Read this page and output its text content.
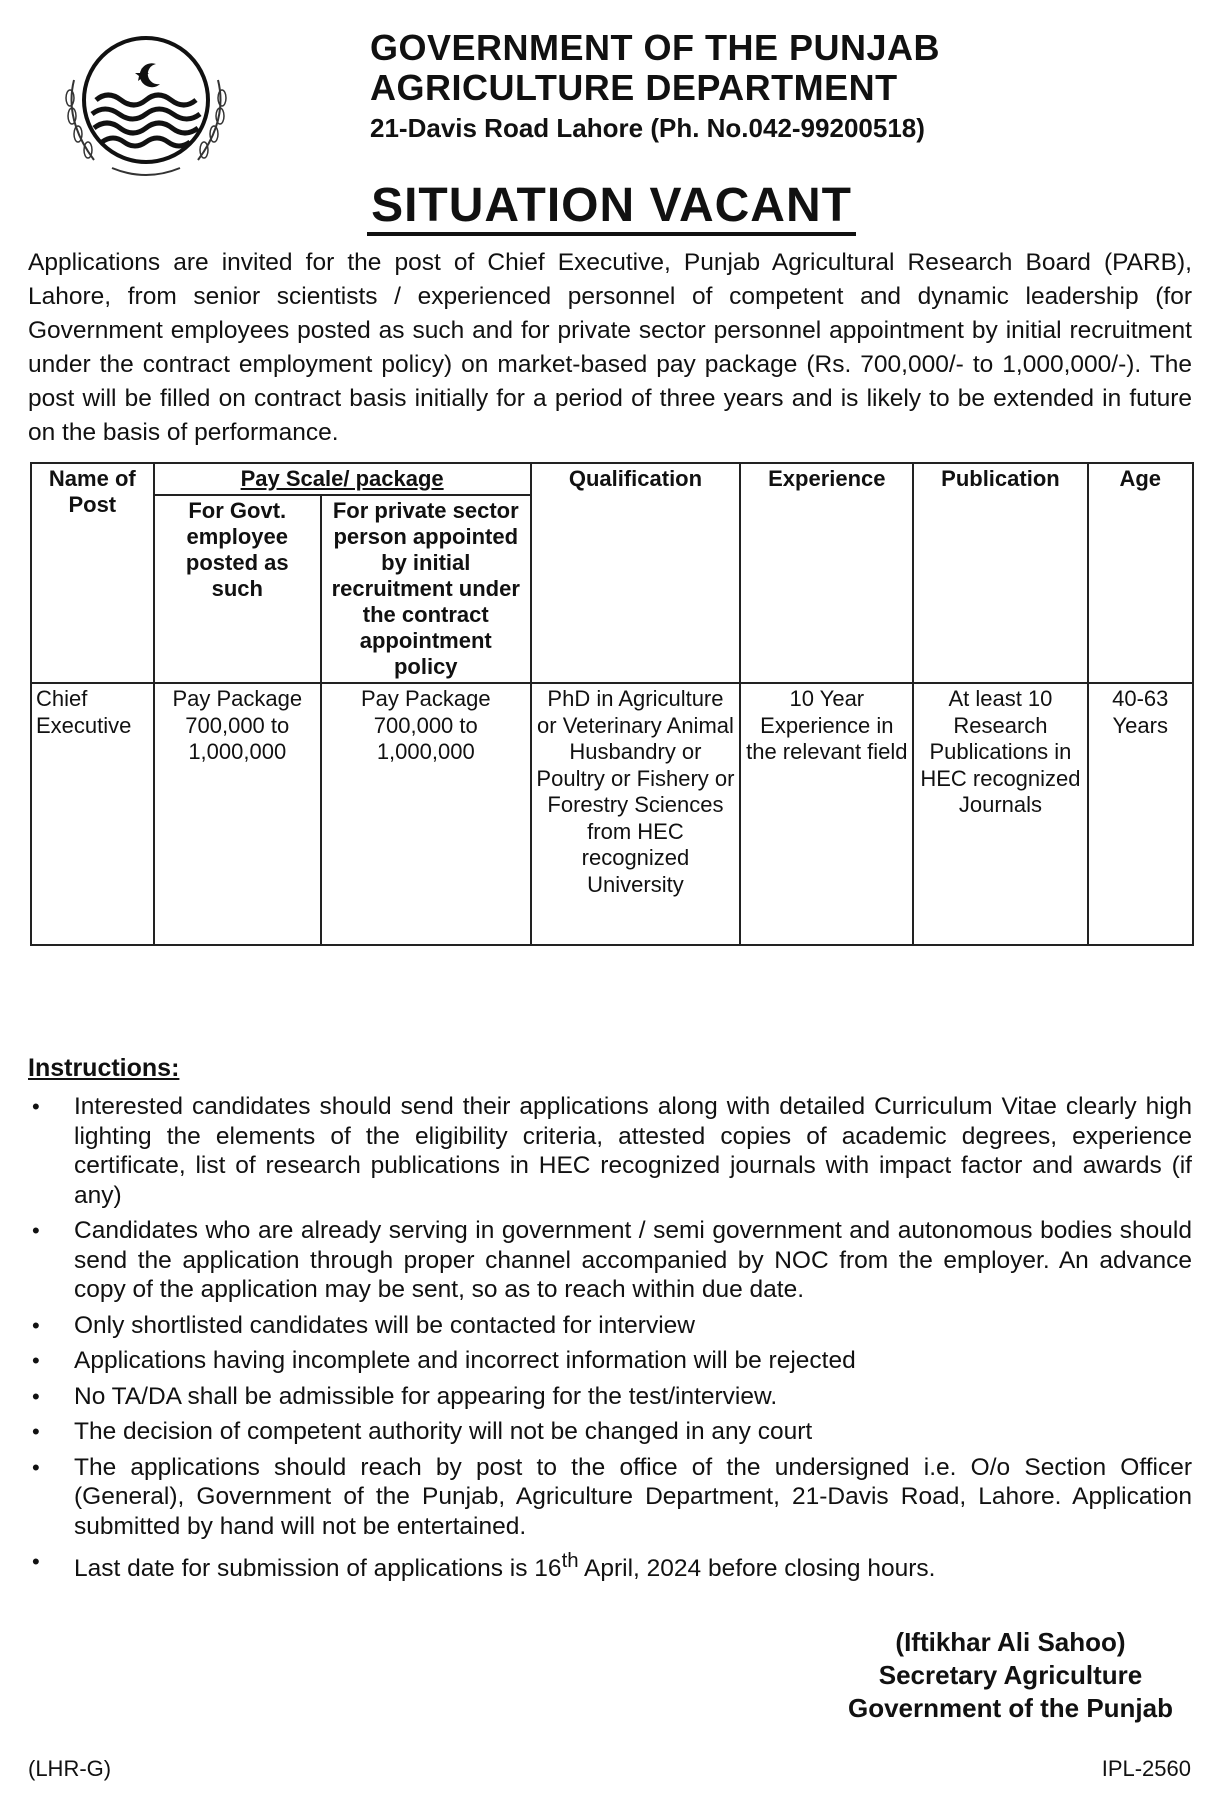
GOVERNMENT OF THE PUNJAB
AGRICULTURE DEPARTMENT
21-Davis Road Lahore (Ph. No.042-99200518)
SITUATION VACANT
Applications are invited for the post of Chief Executive, Punjab Agricultural Research Board (PARB), Lahore, from senior scientists / experienced personnel of competent and dynamic leadership (for Government employees posted as such and for private sector personnel appointment by initial recruitment under the contract employment policy) on market-based pay package (Rs. 700,000/- to 1,000,000/-). The post will be filled on contract basis initially for a period of three years and is likely to be extended in future on the basis of performance.
Name of Post	Pay Scale/ package		Qualification	Experience	Publication	Age
	For Govt. employee posted as such	For private sector person appointed by initial recruitment under the contract appointment policy				
Chief Executive	Pay Package 700,000 to 1,000,000	Pay Package 700,000 to 1,000,000	PhD in Agriculture or Veterinary Animal Husbandry or Poultry or Fishery or Forestry Sciences from HEC recognized University	10 Year Experience in the relevant field	At least 10 Research Publications in HEC recognized Journals	40-63 Years
Instructions:
• Interested candidates should send their applications along with detailed Curriculum Vitae clearly high lighting the elements of the eligibility criteria, attested copies of academic degrees, experience certificate, list of research publications in HEC recognized journals with impact factor and awards (if any)
• Candidates who are already serving in government / semi government and autonomous bodies should send the application through proper channel accompanied by NOC from the employer. An advance copy of the application may be sent, so as to reach within due date.
• Only shortlisted candidates will be contacted for interview
• Applications having incomplete and incorrect information will be rejected
• No TA/DA shall be admissible for appearing for the test/interview.
• The decision of competent authority will not be changed in any court
• The applications should reach by post to the office of the undersigned i.e. O/o Section Officer (General), Government of the Punjab, Agriculture Department, 21-Davis Road, Lahore. Application submitted by hand will not be entertained.
• Last date for submission of applications is 16th April, 2024 before closing hours.
(Iftikhar Ali Sahoo)
Secretary Agriculture
Government of the Punjab
(LHR-G)	IPL-2560
